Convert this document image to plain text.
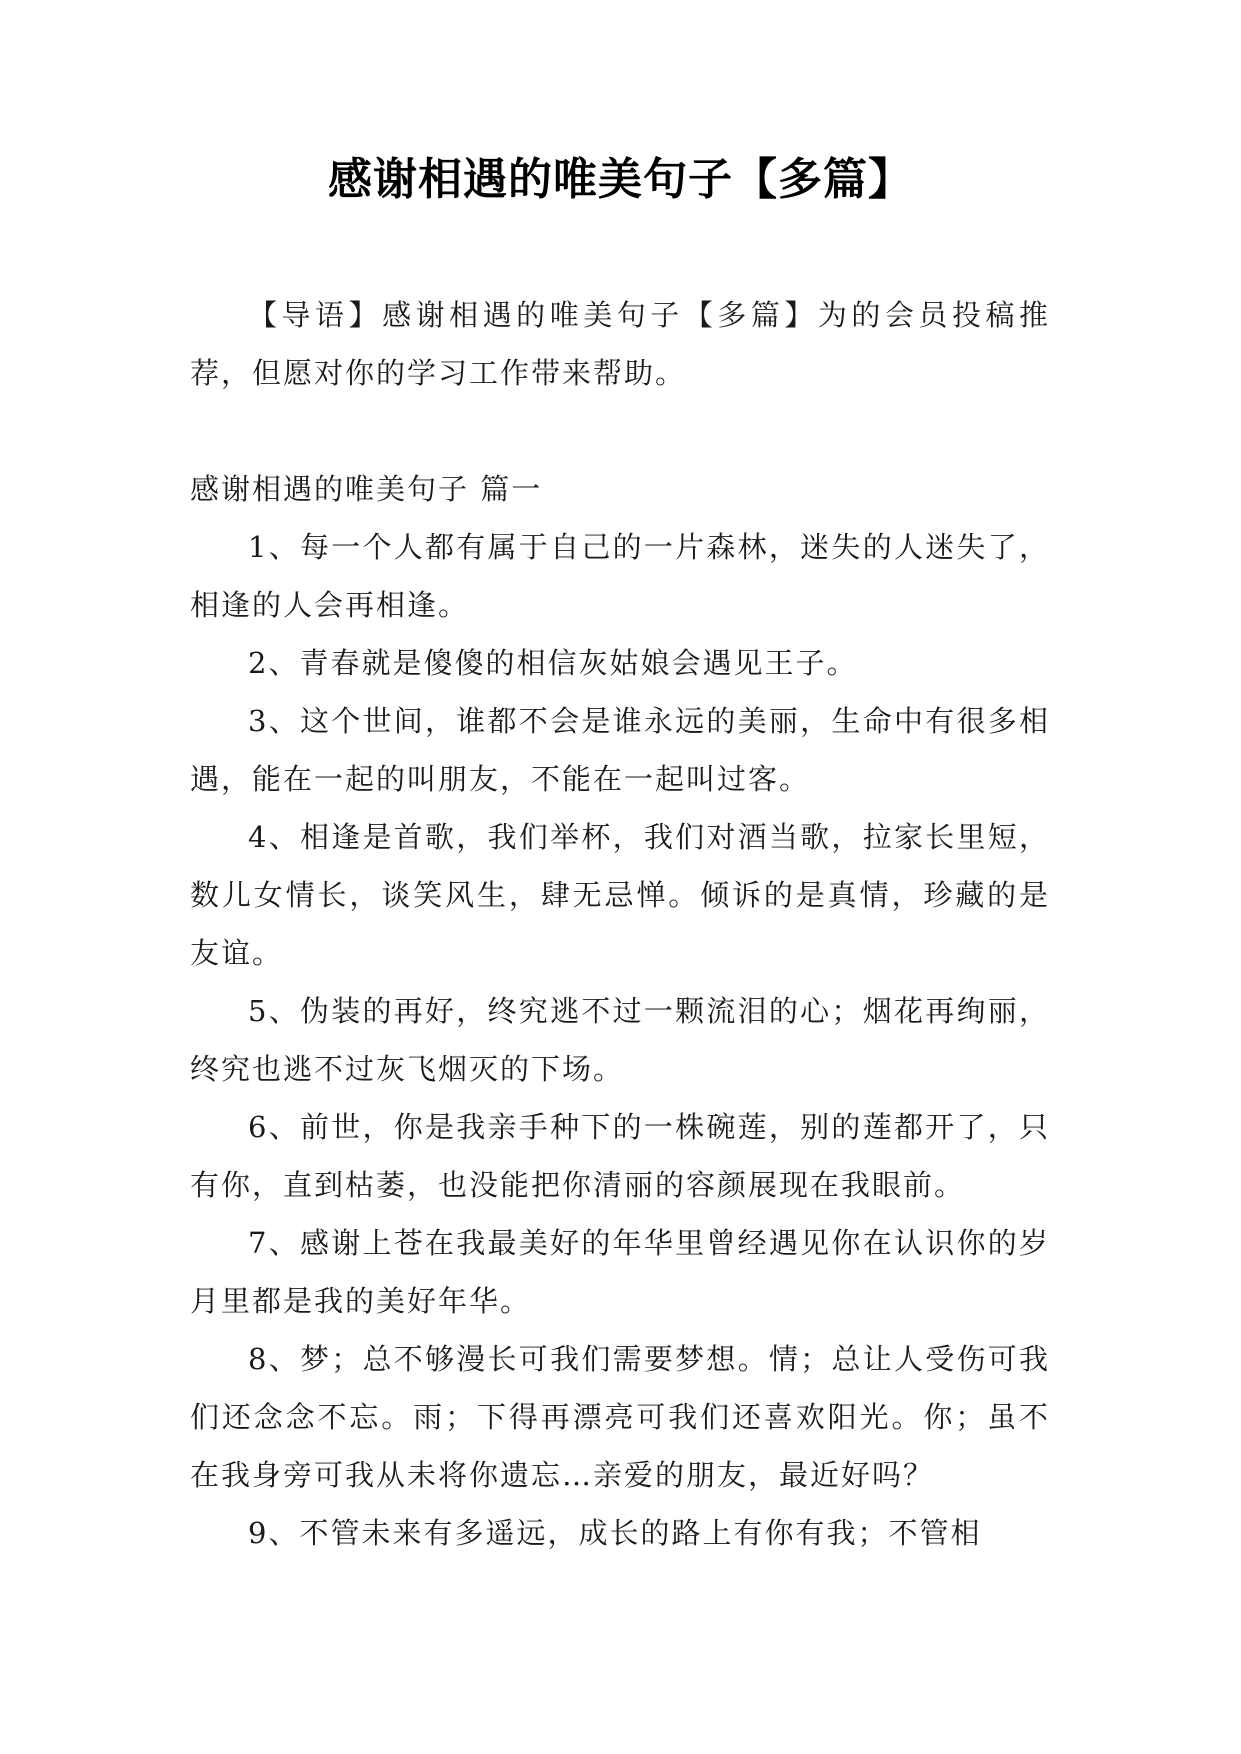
感谢相遇的唯美句子【多篇】

【导语】感谢相遇的唯美句子【多篇】为的会员投稿推荐，但愿对你的学习工作带来帮助。

感谢相遇的唯美句子 篇一

1、每一个人都有属于自己的一片森林，迷失的人迷失了，相逢的人会再相逢。

2、青春就是傻傻的相信灰姑娘会遇见王子。

3、这个世间，谁都不会是谁永远的美丽，生命中有很多相遇，能在一起的叫朋友，不能在一起叫过客。

4、相逢是首歌，我们举杯，我们对酒当歌，拉家长里短，数儿女情长，谈笑风生，肆无忌惮。倾诉的是真情，珍藏的是友谊。

5、伪装的再好，终究逃不过一颗流泪的心；烟花再绚丽，终究也逃不过灰飞烟灭的下场。

6、前世，你是我亲手种下的一株碗莲，别的莲都开了，只有你，直到枯萎，也没能把你清丽的容颜展现在我眼前。

7、感谢上苍在我最美好的年华里曾经遇见你在认识你的岁月里都是我的美好年华。

8、梦；总不够漫长可我们需要梦想。情；总让人受伤可我们还念念不忘。雨；下得再漂亮可我们还喜欢阳光。你；虽不在我身旁可我从未将你遗忘…亲爱的朋友，最近好吗？

9、不管未来有多遥远，成长的路上有你有我；不管相
